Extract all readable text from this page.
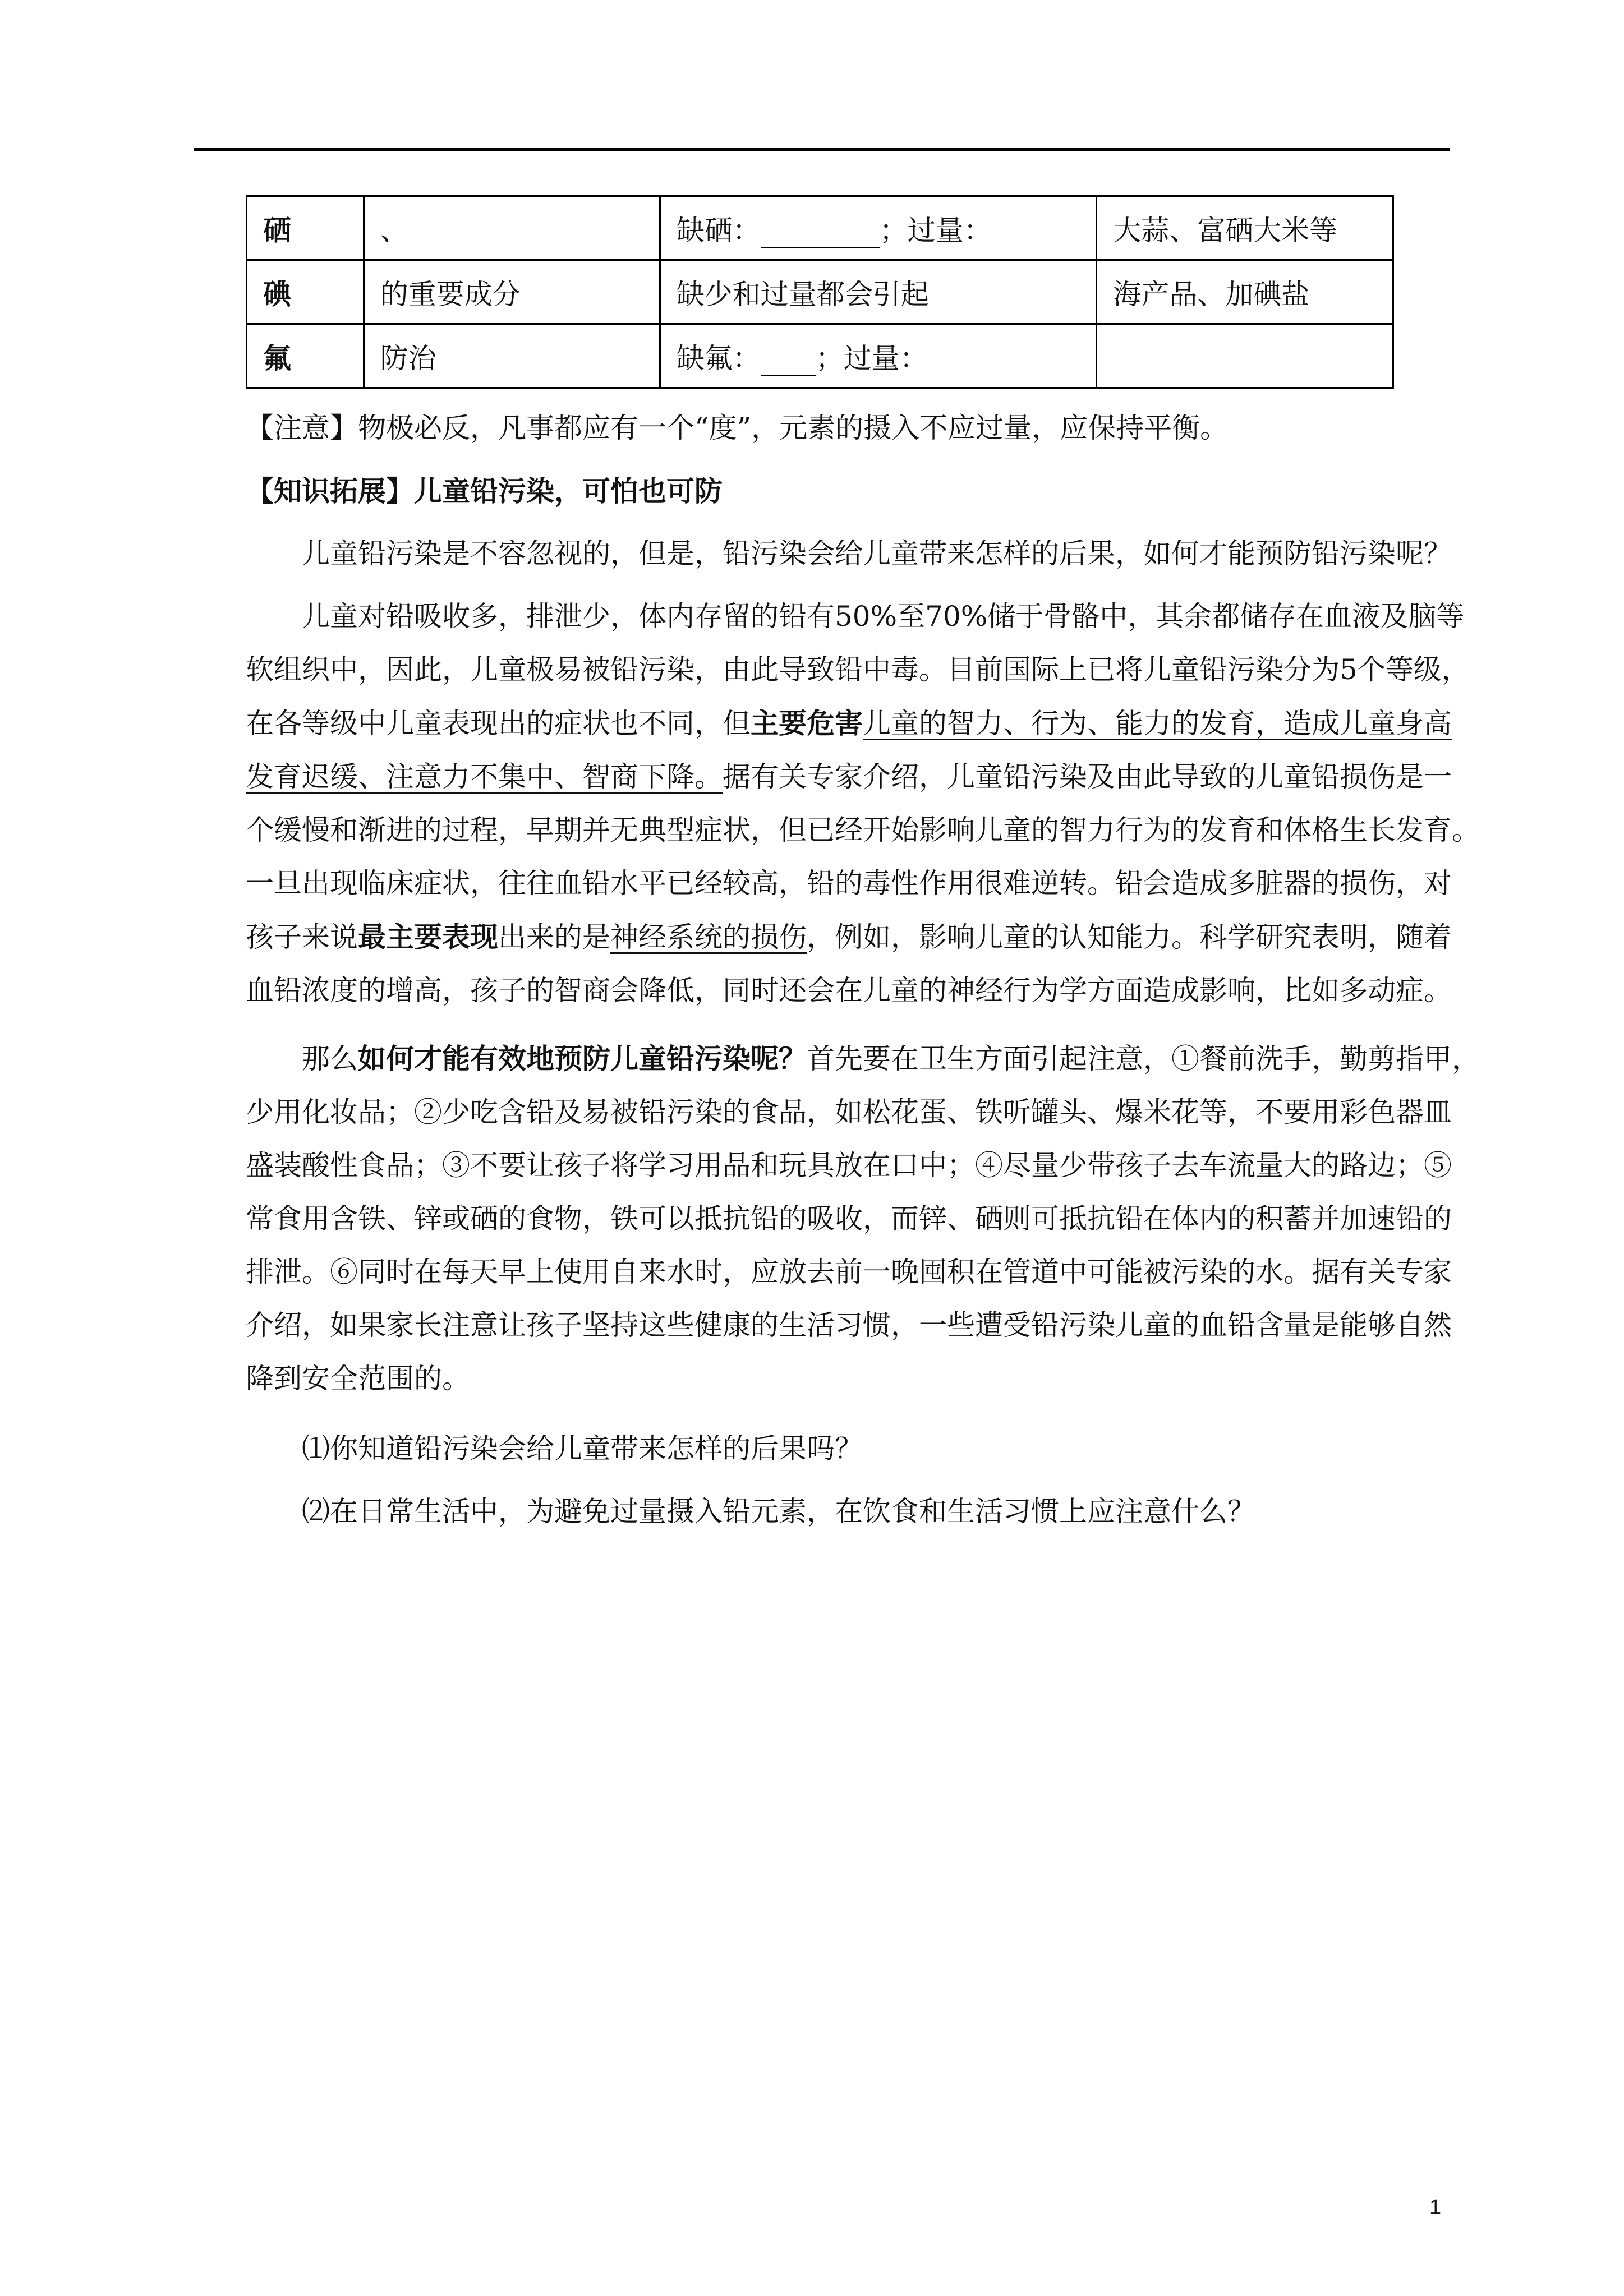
硒	、	缺硒： ；过量：	大蒜、富硒大米等
碘	的重要成分	缺少和过量都会引起	海产品、加碘盐
氟	防治	缺氟： ；过量：	
【注意】物极必反，凡事都应有一个“度”，元素的摄入不应过量，应保持平衡。
【知识拓展】儿童铅污染，可怕也可防
儿童铅污染是不容忽视的，但是，铅污染会给儿童带来怎样的后果，如何才能预防铅污染呢？
儿童对铅吸收多，排泄少，体内存留的铅有50%至70%储于骨骼中，其余都储存在血液及脑等
软组织中，因此，儿童极易被铅污染，由此导致铅中毒。目前国际上已将儿童铅污染分为5个等级，
在各等级中儿童表现出的症状也不同，但主要危害儿童的智力、行为、能力的发育，造成儿童身高
发育迟缓、注意力不集中、智商下降。据有关专家介绍，儿童铅污染及由此导致的儿童铅损伤是一
个缓慢和渐进的过程，早期并无典型症状，但已经开始影响儿童的智力行为的发育和体格生长发育。
一旦出现临床症状，往往血铅水平已经较高，铅的毒性作用很难逆转。铅会造成多脏器的损伤，对
孩子来说最主要表现出来的是神经系统的损伤，例如，影响儿童的认知能力。科学研究表明，随着
血铅浓度的增高，孩子的智商会降低，同时还会在儿童的神经行为学方面造成影响，比如多动症。
那么如何才能有效地预防儿童铅污染呢？首先要在卫生方面引起注意，①餐前洗手，勤剪指甲，
少用化妆品；②少吃含铅及易被铅污染的食品，如松花蛋、铁听罐头、爆米花等，不要用彩色器皿
盛装酸性食品；③不要让孩子将学习用品和玩具放在口中；④尽量少带孩子去车流量大的路边；⑤
常食用含铁、锌或硒的食物，铁可以抵抗铅的吸收，而锌、硒则可抵抗铅在体内的积蓄并加速铅的
排泄。⑥同时在每天早上使用自来水时，应放去前一晚囤积在管道中可能被污染的水。据有关专家
介绍，如果家长注意让孩子坚持这些健康的生活习惯，一些遭受铅污染儿童的血铅含量是能够自然
降到安全范围的。
⑴你知道铅污染会给儿童带来怎样的后果吗？
⑵在日常生活中，为避免过量摄入铅元素，在饮食和生活习惯上应注意什么？
1
